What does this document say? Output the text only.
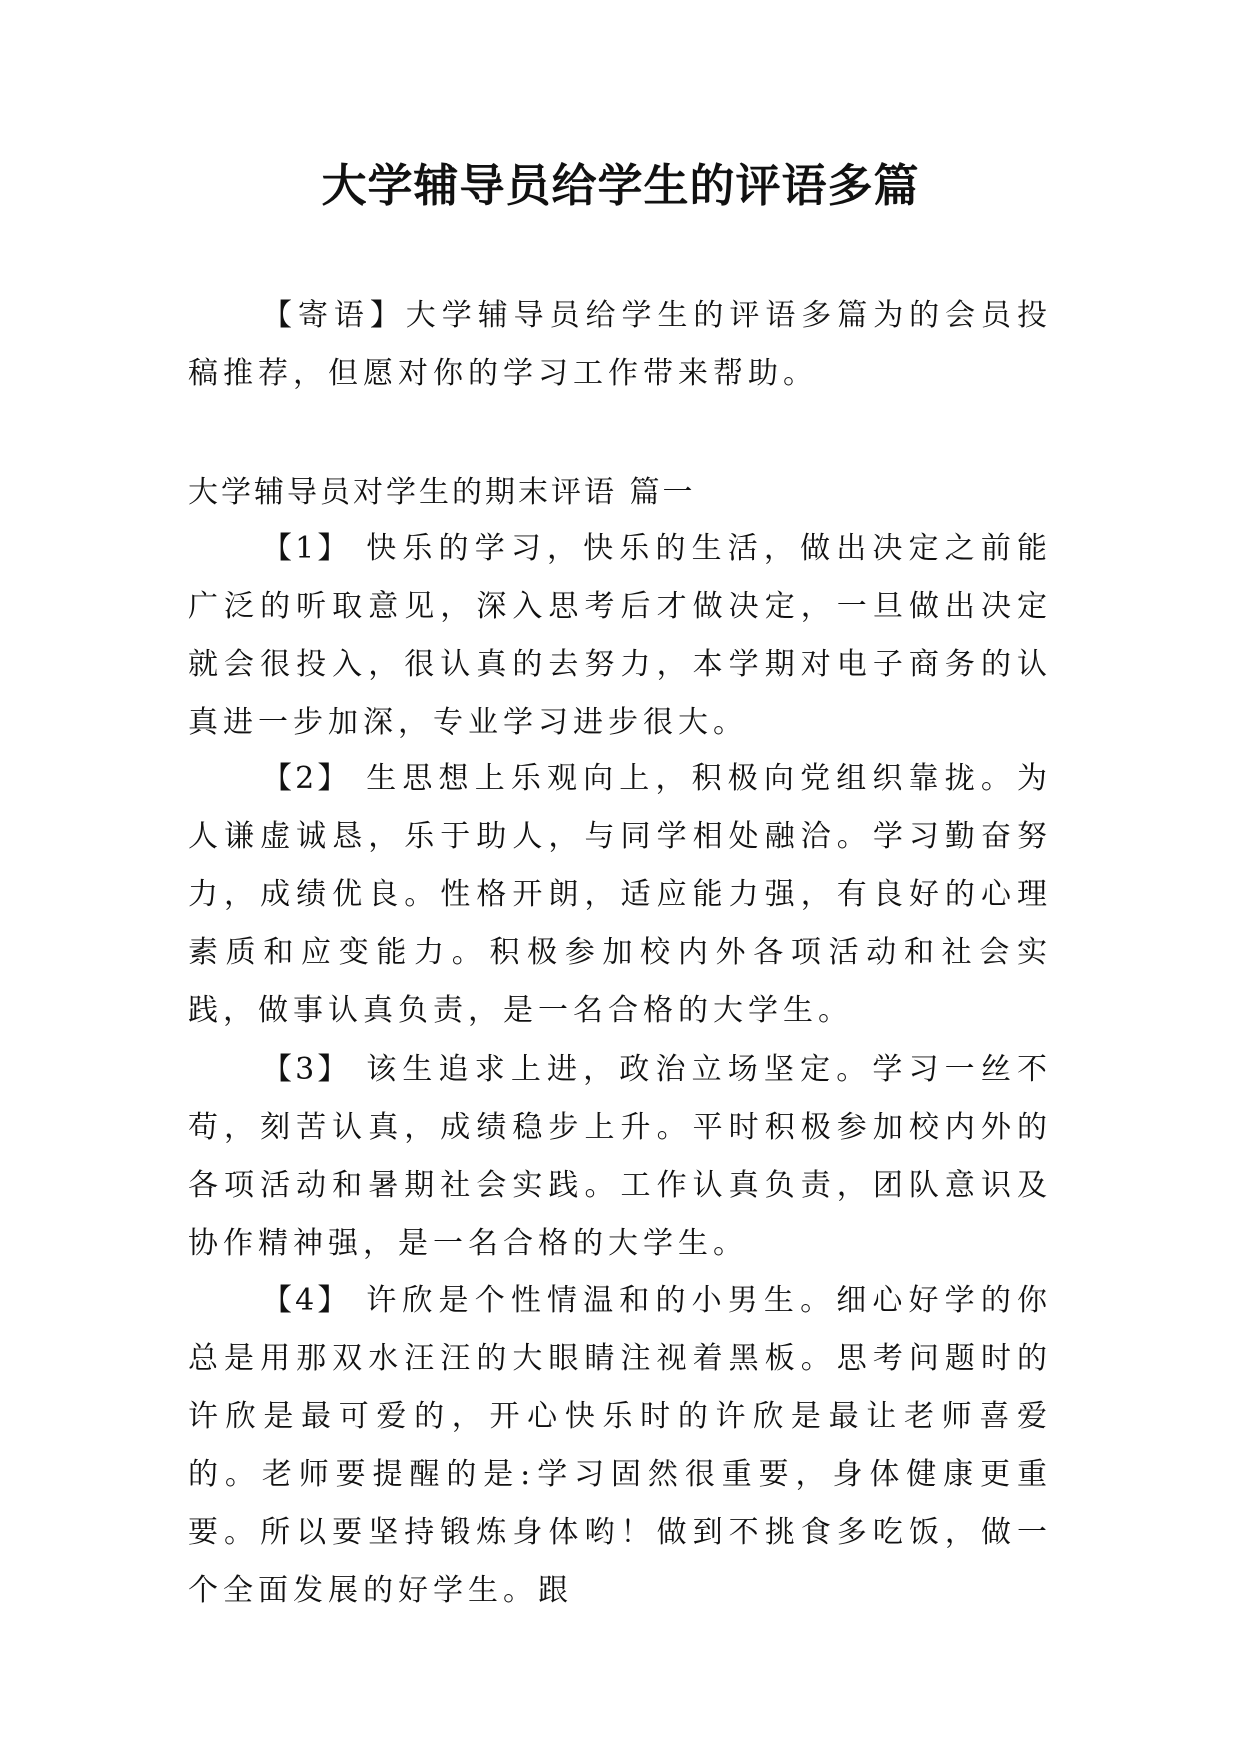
大学辅导员给学生的评语多篇

【寄语】大学辅导员给学生的评语多篇为的会员投稿推荐，但愿对你的学习工作带来帮助。

大学辅导员对学生的期末评语 篇一

【1】 快乐的学习，快乐的生活，做出决定之前能广泛的听取意见，深入思考后才做决定，一旦做出决定就会很投入，很认真的去努力，本学期对电子商务的认真进一步加深，专业学习进步很大。

【2】 生思想上乐观向上，积极向党组织靠拢。为人谦虚诚恳，乐于助人，与同学相处融洽。学习勤奋努力，成绩优良。性格开朗，适应能力强，有良好的心理素质和应变能力。积极参加校内外各项活动和社会实践，做事认真负责，是一名合格的大学生。

【3】 该生追求上进，政治立场坚定。学习一丝不苟，刻苦认真，成绩稳步上升。平时积极参加校内外的各项活动和暑期社会实践。工作认真负责，团队意识及协作精神强，是一名合格的大学生。

【4】 许欣是个性情温和的小男生。细心好学的你总是用那双水汪汪的大眼睛注视着黑板。思考问题时的许欣是最可爱的，开心快乐时的许欣是最让老师喜爱的。老师要提醒的是:学习固然很重要，身体健康更重要。所以要坚持锻炼身体哟！做到不挑食多吃饭，做一个全面发展的好学生。跟
